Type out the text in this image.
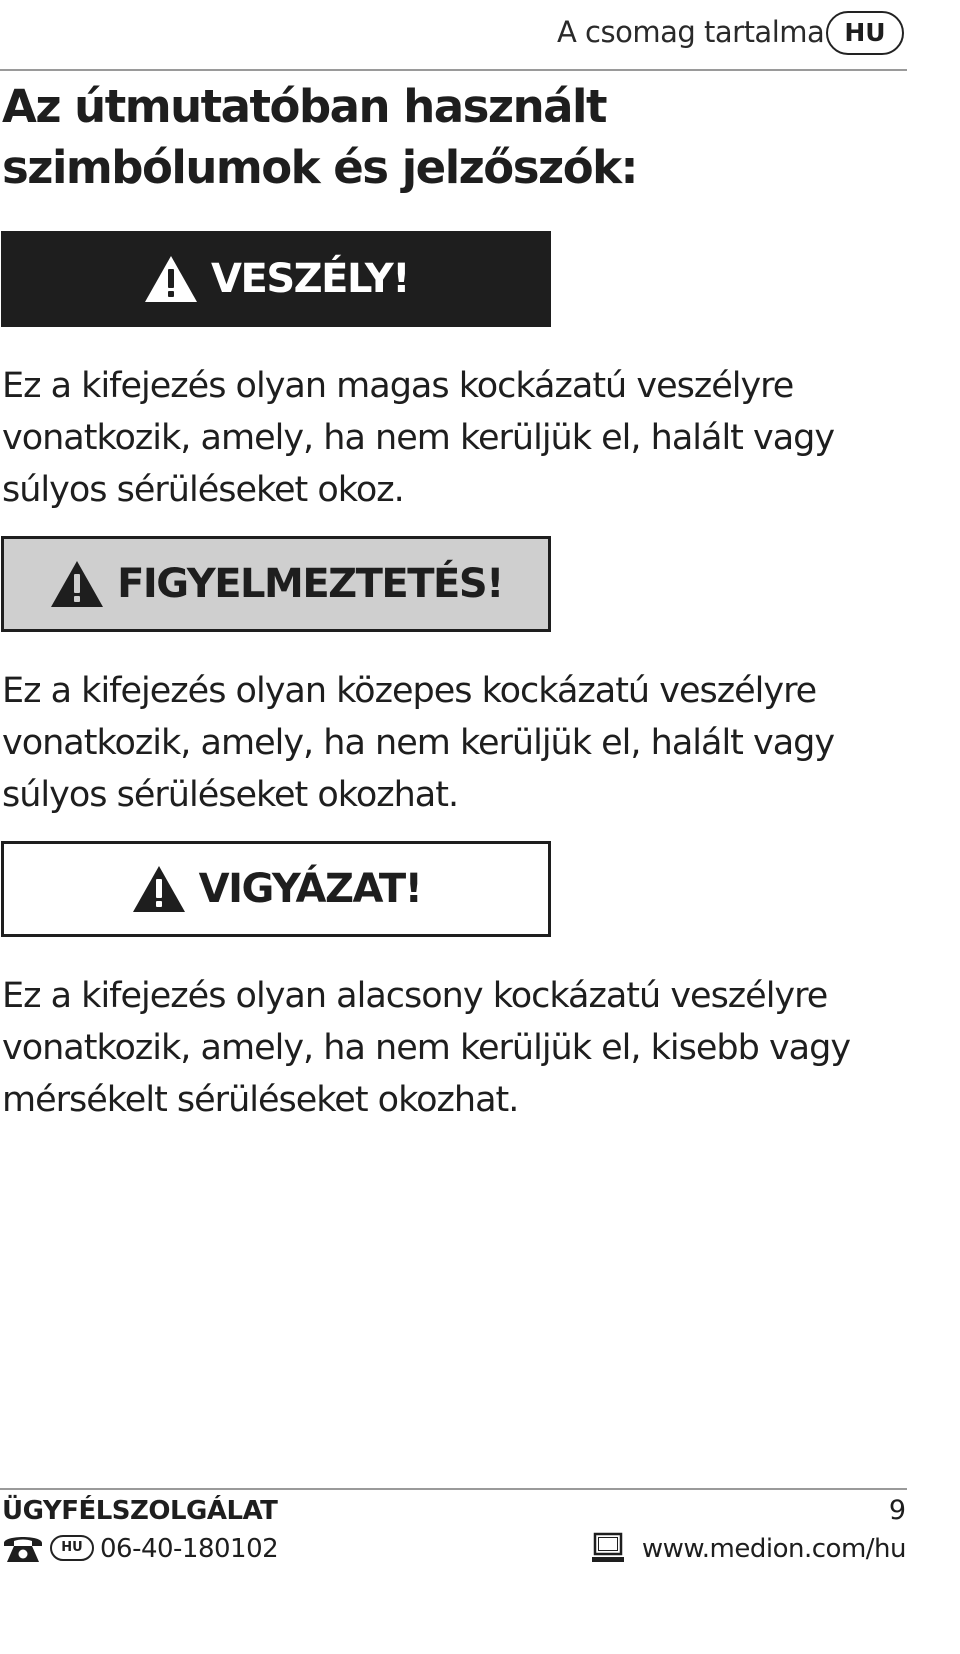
A csomag tartalma HU
Az útmutatóban használt
szimbólumok és jelzőszók:
VESZÉLY!

Ez a kifejezés olyan magas kockázatú veszélyre
vonatkozik, amely, ha nem kerüljük el, halált vagy
súlyos sérüléseket okoz.

FIGYELMEZTETÉS!

Ez a kifejezés olyan közepes kockázatú veszélyre
vonatkozik, amely, ha nem kerüljük el, halált vagy
súlyos sérüléseket okozhat.

VIGYÁZAT!

Ez a kifejezés olyan alacsony kockázatú veszélyre
vonatkozik, amely, ha nem kerüljük el, kisebb vagy
mérsékelt sérüléseket okozhat.

ÜGYFÉLSZOLGÁLAT	9
HU 06-40-180102	www.medion.com/hu
